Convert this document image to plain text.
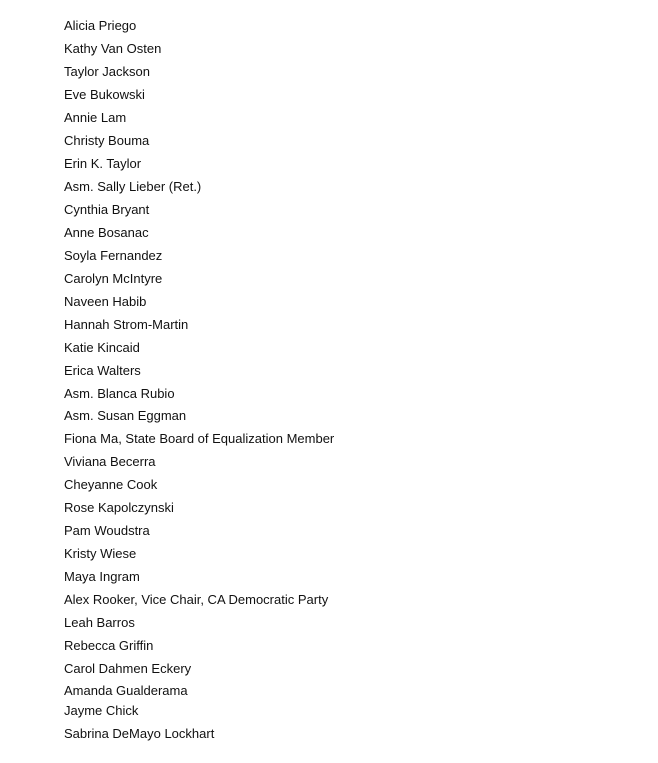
Alicia Priego
Kathy Van Osten
Taylor Jackson
Eve Bukowski
Annie Lam
Christy Bouma
Erin K. Taylor
Asm. Sally Lieber (Ret.)
Cynthia Bryant
Anne Bosanac
Soyla Fernandez
Carolyn McIntyre
Naveen Habib
Hannah Strom-Martin
Katie Kincaid
Erica Walters
Asm. Blanca Rubio
Asm. Susan Eggman
Fiona Ma, State Board of Equalization Member
Viviana Becerra
Cheyanne Cook
Rose Kapolczynski
Pam Woudstra
Kristy Wiese
Maya Ingram
Alex Rooker, Vice Chair, CA Democratic Party
Leah Barros
Rebecca Griffin
Carol Dahmen Eckery
Amanda Gualderama
Jayme Chick
Sabrina DeMayo Lockhart
